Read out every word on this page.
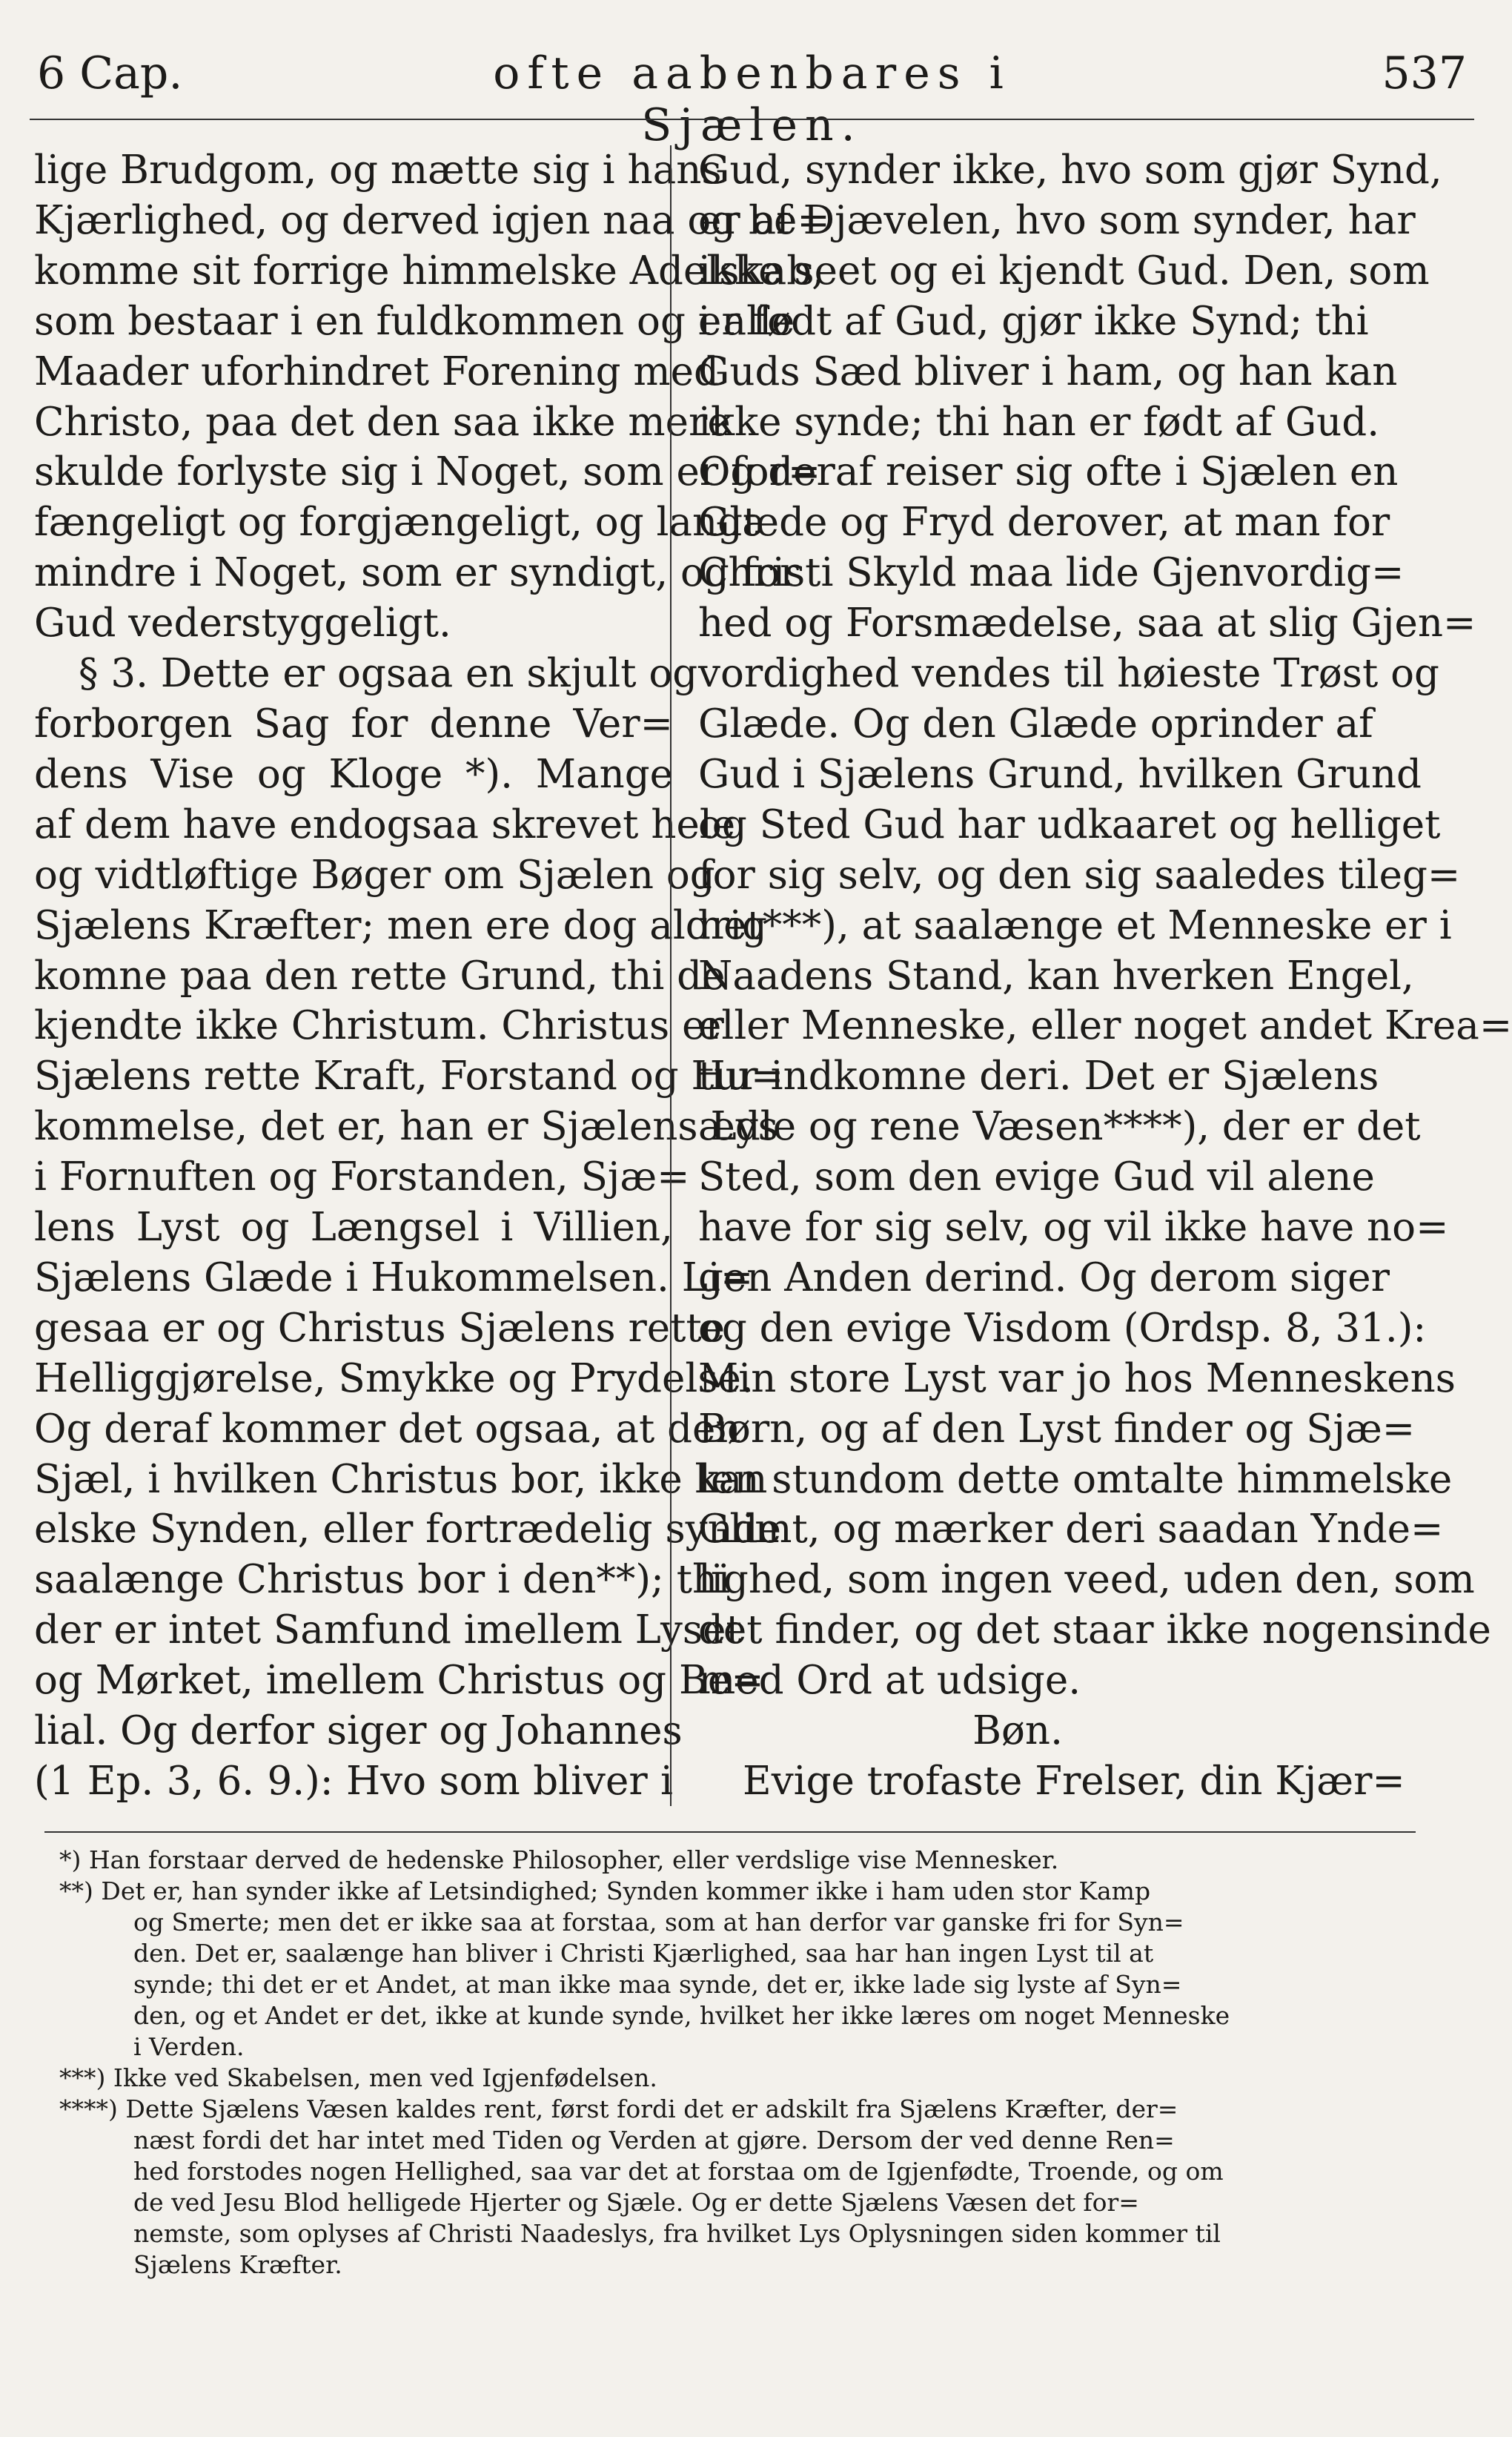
6 Cap.	ofte aabenbares i Sjælen.
537
lige Brudgom, og mætte sig i hans
Kjærlighed, og derved igjen naa og be=
komme sit forrige himmelske Adelskab,
som bestaar i en fuldkommen og i alle
Maader uforhindret Forening med
Christo, paa det den saa ikke mere
skulde forlyste sig i Noget, som er for=
fængeligt og forgjængeligt, og langt
mindre i Noget, som er syndigt, og for
Gud vederstyggeligt.
§ 3. Dette er ogsaa en skjult og
forborgen Sag for denne Ver=
dens Vise og Kloge *). Mange
af dem have endogsaa skrevet hele
og vidtløftige Bøger om Sjælen og
Sjælens Kræfter; men ere dog aldrig
komne paa den rette Grund, thi de
kjendte ikke Christum. Christus er
Sjælens rette Kraft, Forstand og Hu=
kommelse, det er, han er Sjælens Lys
i Fornuften og Forstanden, Sjæ=
lens Lyst og Længsel i Villien,
Sjælens Glæde i Hukommelsen. Li=
gesaa er og Christus Sjælens rette
Helliggjørelse, Smykke og Prydelse.
Og deraf kommer det ogsaa, at den
Sjæl, i hvilken Christus bor, ikke kan
elske Synden, eller fortrædelig synde
saalænge Christus bor i den**); thi
der er intet Samfund imellem Lyset
og Mørket, imellem Christus og Be=
lial. Og derfor siger og Johannes
(1 Ep. 3, 6. 9.): Hvo som bliver i
Gud, synder ikke, hvo som gjør Synd,
er af Djævelen, hvo som synder, har
ikke seet og ei kjendt Gud. Den, som
er født af Gud, gjør ikke Synd; thi
Guds Sæd bliver i ham, og han kan
ikke synde; thi han er født af Gud.
Og deraf reiser sig ofte i Sjælen en
Glæde og Fryd derover, at man for
Christi Skyld maa lide Gjenvordig=
hed og Forsmædelse, saa at slig Gjen=
vordighed vendes til høieste Trøst og
Glæde. Og den Glæde oprinder af
Gud i Sjælens Grund, hvilken Grund
og Sted Gud har udkaaret og helliget
for sig selv, og den sig saaledes tileg=
net***), at saalænge et Menneske er i
Naadens Stand, kan hverken Engel,
eller Menneske, eller noget andet Krea=
tur indkomne deri. Det er Sjælens
ædle og rene Væsen****), der er det
Sted, som den evige Gud vil alene
have for sig selv, og vil ikke have no=
gen Anden derind. Og derom siger
og den evige Visdom (Ordsp. 8, 31.):
Min store Lyst var jo hos Menneskens
Børn, og af den Lyst finder og Sjæ=
len stundom dette omtalte himmelske
Glimt, og mærker deri saadan Ynde=
lighed, som ingen veed, uden den, som
det finder, og det staar ikke nogensinde
med Ord at udsige.
Bøn.
Evige trofaste Frelser, din Kjær=
*) Han forstaar derved de hedenske Philosopher, eller verdslige vise Mennesker.
**) Det er, han synder ikke af Letsindighed; Synden kommer ikke i ham uden stor Kamp
og Smerte; men det er ikke saa at forstaa, som at han derfor var ganske fri for Syn=
den. Det er, saalænge han bliver i Christi Kjærlighed, saa har han ingen Lyst til at
synde; thi det er et Andet, at man ikke maa synde, det er, ikke lade sig lyste af Syn=
den, og et Andet er det, ikke at kunde synde, hvilket her ikke læres om noget Menneske
i Verden.
***) Ikke ved Skabelsen, men ved Igjenfødelsen.
****) Dette Sjælens Væsen kaldes rent, først fordi det er adskilt fra Sjælens Kræfter, der=
næst fordi det har intet med Tiden og Verden at gjøre. Dersom der ved denne Ren=
hed forstodes nogen Hellighed, saa var det at forstaa om de Igjenfødte, Troende, og om
de ved Jesu Blod helligede Hjerter og Sjæle. Og er dette Sjælens Væsen det for=
nemste, som oplyses af Christi Naadeslys, fra hvilket Lys Oplysningen siden kommer til
Sjælens Kræfter.
